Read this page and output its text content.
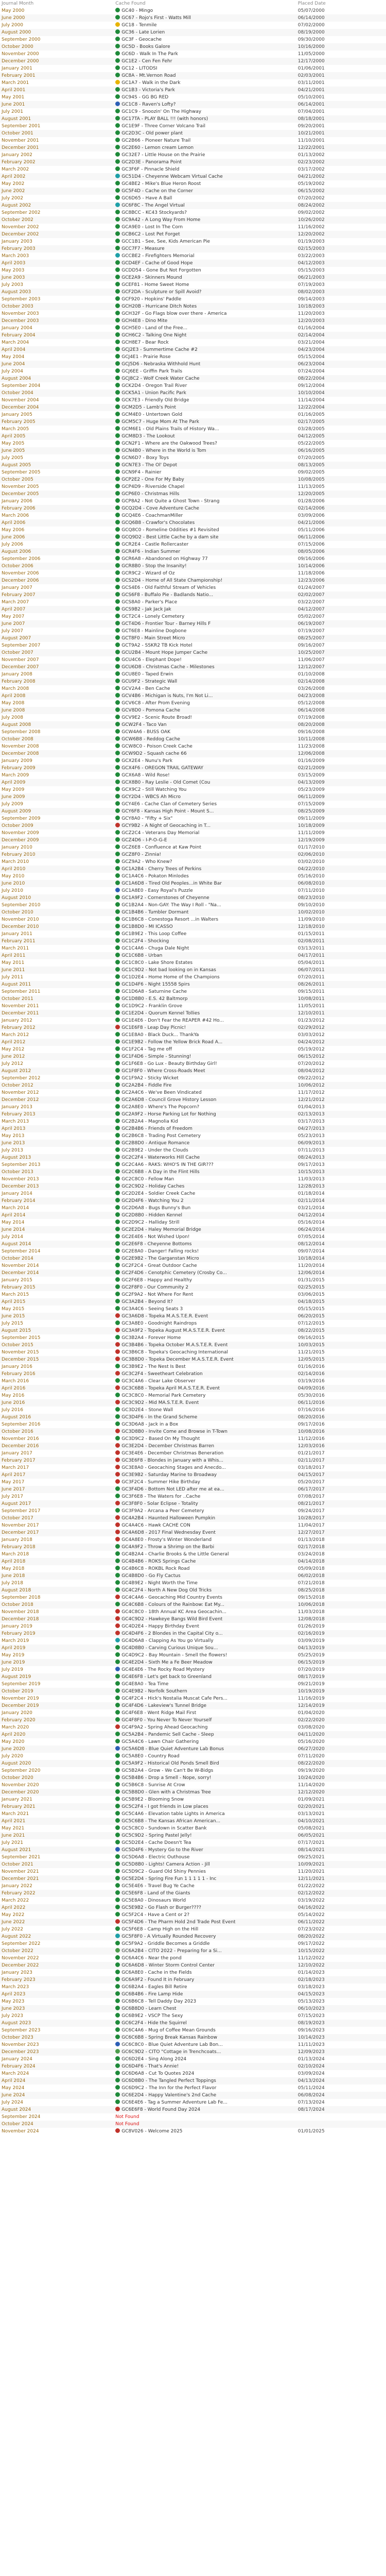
Journal Month	Cache Found	Placed Date
May 2000	GC40 - Mingo	05/07/2000
June 2000	GC67 - Rojo's First - Watts Mill	06/14/2000
July 2000	GC18 - Tenmile	07/02/2000
August 2000	GC36 - Late Lorien	08/19/2000
September 2000	GC3F - Geocache	09/30/2000
October 2000	GC5D - Books Galore	10/16/2000
November 2000	GC6D - Walk In The Park	11/05/2000
December 2000	GC1E2 - Cen Fen Fehr	12/17/2000
January 2001	GC12 - LITODSI	01/06/2001
February 2001	GC8A - Mt.Vernon Road	02/03/2001
March 2001	GC1A7 - Walk in the Dark	03/11/2001
April 2001	GC1B3 - Victoria's Park	04/21/2001
May 2001	GC94S - GG BG RED	05/10/2001
June 2001	GC1C8 - Raven's Lofty?	06/14/2001
July 2001	GC1C9 - Snoozin' On The Highway	07/04/2001
August 2001	GC17TA - PLAY BALL !!! (with honors)	08/18/2001
September 2001	GC1E9F - Three Corner Volcano Trail	09/20/2001
October 2001	GC2D3C - Old power plant	10/21/2001
November 2001	GC2B66 - Pioneer Nature Trail	11/10/2001
December 2001	GC2E60 - Lemon cream Lemon	12/22/2001
January 2002	GC32E7 - Little House on the Prairie	01/13/2002
February 2002	GC2D3E - Panorama Point	02/23/2002
March 2002	GC3F6F - Pinnacle Shield	03/17/2002
April 2002	GC51D4 - Cheyenne Webcam Virtual Cache	04/21/2002
May 2002	GC4BE2 - Mike's Blue Heron Roost	05/19/2002
June 2002	GC5F4D - Cache on the Corner	06/15/2002
July 2002	GC6D65 - Have A Ball	07/20/2002
August 2002	GC6F8C - The Angel Virtual	08/24/2002
September 2002	GC8BCC - KC43 Stockyards?	09/02/2002
October 2002	GC9A42 - A Long Way From Home	10/26/2002
November 2002	GCA9E0 - Lost In The Corn	11/16/2002
December 2002	GCB6C2 - Lost Pet Forget	12/20/2002
January 2003	GCC1B1 - See, See, Kids American Pie	01/19/2003
February 2003	GCC7F7 - Measure	02/15/2003
March 2003	GCCBE2 - Firefighters Memorial	03/22/2003
April 2003	GCD4EF - Cache of Good Hope	04/12/2003
May 2003	GCDD54 - Gone But Not Forgotten	05/15/2003
June 2003	GCE2A9 - Skinners Mound	06/21/2003
July 2003	GCEF81 - Home Sweet Home	07/19/2003
August 2003	GCF2DA - Sculpture or Spill Avoid?	08/02/2003
September 2003	GCF920 - Hopkins' Paddle	09/14/2003
October 2003	GCH20B - Hurricane Ditch Notes	10/18/2003
November 2003	GCH32F - Go Flags blow over there - America	11/20/2003
December 2003	GCH4E8 - Dino Mite	12/20/2003
January 2004	GCH5E0 - Land of the Free...	01/16/2004
February 2004	GCH6C2 - Talking One Night	02/14/2004
March 2004	GCH8E7 - Bear Rock	03/21/2004
April 2004	GCJ2E3 - Summertime Cache #2	04/23/2004
May 2004	GCJ4E1 - Prairie Rose	05/15/2004
June 2004	GCJ5D6 - Nebraska Withhold Hunt	06/23/2004
July 2004	GCJ6EE - Griffin Park Trails	07/24/2004
August 2004	GCJ8C2 - Wolf Creek Water Cache	08/22/2004
September 2004	GCK2D4 - Oregon Trail River	09/12/2004
October 2004	GCK5A1 - Union Pacific Park	10/10/2004
November 2004	GCK7E3 - Friendly Old Bridge	11/14/2004
December 2004	GCM2D5 - Lamb's Point	12/22/2004
January 2005	GCM4E0 - Untertown Gold	01/16/2005
February 2005	GCM5C7 - Huge Mom At The Park	02/17/2005
March 2005	GCM6E1 - Old Plains Trails of History Wa...	03/28/2005
April 2005	GCM8D3 - The Lookout	04/12/2005
May 2005	GCN2F1 - Where are the Oakwood Trees?	05/22/2005
June 2005	GCN4B0 - Where in the World is Tom	06/16/2005
July 2005	GCN6D7 - Boxy Toys	07/20/2005
August 2005	GCN7E3 - The Ol' Depot	08/13/2005
September 2005	GCN9F4 - Rainier	09/02/2005
October 2005	GCP2E2 - One For My Baby	10/08/2005
November 2005	GCP4D9 - Riverside Chapel	11/13/2005
December 2005	GCP6E0 - Christmas Hills	12/20/2005
January 2006	GCP8A2 - Not Quite a Ghost Town - Strang	01/28/2006
February 2006	GCQ2D4 - Cove Adventure Cache	02/14/2006
March 2006	GCQ4E6 - CoachmanMiller	03/09/2006
April 2006	GCQ6B8 - Crawfor's Chocolates	04/21/2006
May 2006	GCQ8C0 - Romeline Oddities #1 Revisited	05/11/2006
June 2006	GCQ9D2 - Best Little Cache by a dam site	06/11/2006
July 2006	GCR2E4 - Castle Rollercaster	07/15/2006
August 2006	GCR4F6 - Indian Summer	08/05/2006
September 2006	GCR6A8 - Abandoned on Highway 77	09/16/2006
October 2006	GCR8B0 - Stop the Insanity!	10/14/2006
November 2006	GCR9C2 - Wizard of Oz	11/18/2006
December 2006	GCS2D4 - Home of All State Championship!	12/23/2006
January 2007	GCS4E6 - Old Faithful Stream of Vehicles	01/24/2007
February 2007	GCS6F8 - Buffalo Pie - Badlands Natio...	02/02/2007
March 2007	GCS8A0 - Parker's Place	03/22/2007
April 2007	GCS9B2 - Jak Jack Jak	04/12/2007
May 2007	GCT2C4 - Lonely Cemetery	05/02/2007
June 2007	GCT4D6 - Frontier Tour - Barney Hills F	06/19/2007
July 2007	GCT6E8 - Mainline Dogbone	07/19/2007
August 2007	GCT8F0 - Main Street Micro	08/25/2007
September 2007	GCT9A2 - SSKR2 TB Kick Hotel	09/16/2007
October 2007	GCU2B4 - Mount Hope Jumper Cache	10/25/2007
November 2007	GCU4C6 - Elephant Dope!	11/06/2007
December 2007	GCU6D8 - Christmas Cache - Milestones	12/12/2007
January 2008	GCU8E0 - Taped Erwin	01/10/2008
February 2008	GCU9F2 - Strategic Wall	02/14/2008
March 2008	GCV2A4 - Ben Cache	03/26/2008
April 2008	GCV4B6 - Michigan is Nuts, I'm Not Li...	04/23/2008
May 2008	GCV6C8 - After Prom Evening	05/12/2008
June 2008	GCV8D0 - Pomona Cache	06/14/2008
July 2008	GCV9E2 - Scenic Route Broad!	07/19/2008
August 2008	GCW2F4 - Taco Van	08/20/2008
September 2008	GCW4A6 - BUSS OAK	09/16/2008
October 2008	GCW6B8 - Reddog Cache	10/11/2008
November 2008	GCW8C0 - Poison Creek Cache	11/23/2008
December 2008	GCW9D2 - Squash cache 66	12/06/2008
January 2009	GCX2E4 - Nunu's Park	01/16/2009
February 2009	GCX4F6 - OREGON TRAIL GATEWAY	02/21/2009
March 2009	GCX6A8 - Wild Rose!	03/15/2009
April 2009	GCX8B0 - Ray Leslie - Old Comet (Cou	04/13/2009
May 2009	GCX9C2 - Still Watching You	05/23/2009
June 2009	GCY2D4 - WBCS Ah Micro	06/11/2009
July 2009	GCY4E6 - Cache Clan of Cemetery Series	07/15/2009
August 2009	GCY6F8 - Kansas High Point - Mount S...	08/25/2009
September 2009	GCY8A0 - "Fifty + Six"	09/11/2009
October 2009	GCY9B2 - A Night of Geocaching in T...	10/18/2009
November 2009	GCZ2C4 - Veterans Day Memorial	11/11/2009
December 2009	GCZ4D6 - I-P-O-G-E	12/19/2009
January 2010	GCZ6E8 - Confluence at Kaw Point	01/17/2010
February 2010	GCZ8F0 - Zinnia!	02/06/2010
March 2010	GCZ9A2 - Who Knew?	03/02/2010
April 2010	GC1A2B4 - Cherry Trees of Perkins	04/22/2010
May 2010	GC1A4C6 - Pokaton Minlodes	05/16/2010
June 2010	GC1A6D8 - Tired Old Peoples...in White Bar	06/08/2010
July 2010	GC1A8E0 - Easy Royal's Puzzle	07/11/2010
August 2010	GC1A9F2 - Cornerstones of Cheyenne	08/23/2010
September 2010	GC1B2A4 - Non-GAY: The Way I Roll - "Na...	09/10/2010
October 2010	GC1B4B6 - Tumbler Dormant	10/02/2010
November 2010	GC1B6C8 - Conestoga Resort ...in Walters	11/09/2010
December 2010	GC1B8D0 - MI ICASSO	12/18/2010
January 2011	GC1B9E2 - This Loop Coffee	01/15/2011
February 2011	GC1C2F4 - Shocking	02/08/2011
March 2011	GC1C4A6 - Chuga Dale Night	03/13/2011
April 2011	GC1C6B8 - Urban	04/17/2011
May 2011	GC1C8C0 - Lake Shore Estates	05/04/2011
June 2011	GC1C9D2 - Not bad looking on in Kansas	06/07/2011
July 2011	GC1D2E4 - Home Home of the Champions	07/20/2011
August 2011	GC1D4F6 - Night 15558 Spirs	08/26/2011
September 2011	GC1D6A8 - Saturnine Cache	09/15/2011
October 2011	GC1D8B0 - E.S. 42 Baltmorp	10/08/2011
November 2011	GC1D9C2 - Franklin Grove	11/05/2011
December 2011	GC1E2D4 - Quorum Kennel Tollies	12/10/2011
January 2012	GC1E4E6 - Don't Fear the REAPER #42 Ho...	01/23/2012
February 2012	GC1E6F8 - Leap Day Picnic!	02/29/2012
March 2012	GC1E8A0 - Black Duck... ThankYa	03/03/2012
April 2012	GC1E9B2 - Follow the Yellow Brick Road A...	04/24/2012
May 2012	GC1F2C4 - Tag me off	05/19/2012
June 2012	GC1F4D6 - Simple - Stunning!	06/15/2012
July 2012	GC1F6E8 - Go Lux - Beauty Birthday Girl!	07/20/2012
August 2012	GC1F8F0 - Where Cross-Roads Meet	08/04/2012
September 2012	GC1F9A2 - Sticky Wicket	09/22/2012
October 2012	GC2A2B4 - Fiddle Fire	10/06/2012
November 2012	GC2A4C6 - We've Been Vindicated	11/17/2012
December 2012	GC2A6D8 - Council Grove History Lesson	12/21/2012
January 2013	GC2A8E0 - Where's The Popcorn?	01/04/2013
February 2013	GC2A9F2 - Horse Parking Lot for Nothing	02/13/2013
March 2013	GC2B2A4 - Magnolia Kid	03/17/2013
April 2013	GC2B4B6 - Friends of Freedom	04/27/2013
May 2013	GC2B6C8 - Trading Post Cemetery	05/23/2013
June 2013	GC2B8D0 - Antique Romance	06/09/2013
July 2013	GC2B9E2 - Under the Clouds	07/11/2013
August 2013	GC2C2F4 - Waterworks Hill Cache	08/24/2013
September 2013	GC2C4A6 - RAKS: WHO'S IN THE GIR???	09/17/2013
October 2013	GC2C6B8 - A Day in the Flint Hills	10/15/2013
November 2013	GC2C8C0 - Fellow Man	11/03/2013
December 2013	GC2C9D2 - Holiday Caches	12/28/2013
January 2014	GC2D2E4 - Soldier Creek Cache	01/18/2014
February 2014	GC2D4F6 - Watching You 2	02/11/2014
March 2014	GC2D6A8 - Bugs Bunny's Bun	03/21/2014
April 2014	GC2D8B0 - Hidden Kennel	04/12/2014
May 2014	GC2D9C2 - Halliday Strill	05/16/2014
June 2014	GC2E2D4 - Haley Memorial Bridge	06/24/2014
July 2014	GC2E4E6 - Not Wished Upon!	07/05/2014
August 2014	GC2E6F8 - Cheyenne Bottoms	08/12/2014
September 2014	GC2E8A0 - Danger! Falling rocks!	09/07/2014
October 2014	GC2E9B2 - The Garganstan Micro	10/18/2014
November 2014	GC2F2C4 - Great Outdoor Cache	11/20/2014
December 2014	GC2F4D6 - Cenotphic Cemetery (Crosby Co...	12/06/2014
January 2015	GC2F6E8 - Happy and Healthy	01/31/2015
February 2015	GC2F8F0 - Our Community 2	02/25/2015
March 2015	GC2F9A2 - Not Where For Rent	03/06/2015
April 2015	GC3A2B4 - Beyond It?	04/18/2015
May 2015	GC3A4C6 - Seeing Seats 3	05/15/2015
June 2015	GC3A6D8 - Topeka M.A.S.T.E.R. Event	06/20/2015
July 2015	GC3A8E0 - Goodnight Raindrops	07/12/2015
August 2015	GC3A9F2 - Topeka August M.A.S.T.E.R. Event	08/22/2015
September 2015	GC3B2A4 - Forever Home	09/16/2015
October 2015	GC3B4B6 - Topeka October M.A.S.T.E.R. Event	10/03/2015
November 2015	GC3B6C8 - Topeka's Geocaching International	11/21/2015
December 2015	GC3B8D0 - Topeka December M.A.S.T.E.R. Event	12/05/2015
January 2016	GC3B9E2 - The Nest Is Best	01/16/2016
February 2016	GC3C2F4 - Sweetheart Celebration	02/14/2016
March 2016	GC3C4A6 - Clear Lake Observer	03/19/2016
April 2016	GC3C6B8 - Topeka April M.A.S.T.E.R. Event	04/09/2016
May 2016	GC3C8C0 - Memorial Park Cemetery	05/30/2016
June 2016	GC3C9D2 - Mid MA.S.T.E.R. Event	06/11/2016
July 2016	GC3D2E4 - Stone Wall	07/16/2016
August 2016	GC3D4F6 - In the Grand Scheme	08/20/2016
September 2016	GC3D6A8 - Jack in a Box	09/17/2016
October 2016	GC3D8B0 - Invite Come and Browse in T-Town	10/08/2016
November 2016	GC3D9C2 - Based On My Thought	11/12/2016
December 2016	GC3E2D4 - December Christmas Barren	12/03/2016
January 2017	GC3E4E6 - December Christmas Beneration	01/21/2017
February 2017	GC3E6F8 - Blondes in January with a Whis...	02/11/2017
March 2017	GC3E8A0 - Geocaching Stages and Anecdo...	03/18/2017
April 2017	GC3E9B2 - Saturday Marine to Broadway	04/15/2017
May 2017	GC3F2C4 - Summer Hike Birthday	05/20/2017
June 2017	GC3F4D6 - Bottom Not LED after me at ea...	06/17/2017
July 2017	GC3F6E8 - The Waters for ..Cache	07/08/2017
August 2017	GC3F8F0 - Solar Eclipse - Totality	08/21/2017
September 2017	GC3F9A2 - Arcana a Peer Cemetery	09/24/2017
October 2017	GC4A2B4 - Haunted Halloween Pumpkin	10/28/2017
November 2017	GC4A4C6 - Hawk CACHE CON	11/04/2017
December 2017	GC4A6D8 - 2017 Final Wednesday Event	12/27/2017
January 2018	GC4A8E0 - Frosty's Winter Wonderland	01/13/2018
February 2018	GC4A9F2 - Throw a Shrimp on the Barbi	02/17/2018
March 2018	GC4B2A4 - Charlie Brooks & the Little General	03/24/2018
April 2018	GC4B4B6 - ROKS Springs Cache	04/14/2018
May 2018	GC4B6C8 - ROKBL Rock Road	05/09/2018
June 2018	GC4B8D0 - Go Fly Cactus	06/02/2018
July 2018	GC4B9E2 - Night Worth the Time	07/21/2018
August 2018	GC4C2F4 - North A New Dog Old Tricks	08/25/2018
September 2018	GC4C4A6 - Geocaching Mid Country Events	09/15/2018
October 2018	GC4C6B8 - Colours of the Rainbow: Eat My...	10/06/2018
November 2018	GC4C8C0 - 18th Annual KC Area Geocachin...	11/03/2018
December 2018	GC4C9D2 - Hawkeye Bangs Wild Bird Event	12/08/2018
January 2019	GC4D2E4 - Happy Birthday Event	01/26/2019
February 2019	GC4D4F6 - 2 Blondes in the Capital City o...	02/16/2019
March 2019	GC4D6A8 - Clapping As You go Virtually	03/09/2019
April 2019	GC4D8B0 - Carving Curious Unique Sou...	04/13/2019
May 2019	GC4D9C2 - Bay Mountain - Smell the flowers!	05/25/2019
June 2019	GC4E2D4 - Sixth Me a Fe Beer Meadow	06/15/2019
July 2019	GC4E4E6 - The Rocky Road Mystery	07/20/2019
August 2019	GC4E6F8 - Let's get back to Greenland	08/17/2019
September 2019	GC4E8A0 - Tea Time	09/21/2019
October 2019	GC4E9B2 - Norfolk Southern	10/19/2019
November 2019	GC4F2C4 - Hick's Nostalia Muscat Cafe Pers...	11/16/2019
December 2019	GC4F4D6 - Lakeview's Tunnel Bridge	12/14/2019
January 2020	GC4F6E8 - Went Ridge Mail First	01/04/2020
February 2020	GC4F8F0 - You Never To Never Yourself	02/22/2020
March 2020	GC4F9A2 - Spring Ahead Geocaching	03/08/2020
April 2020	GC5A2B4 - Pandemic Sell Cache - Sleep	04/11/2020
May 2020	GC5A4C6 - Lawn Chair Gathering	05/16/2020
June 2020	GC5A6D8 - Blue Quiet Adventure Lab Bonus	06/27/2020
July 2020	GC5A8E0 - Country Road	07/11/2020
August 2020	GC5A9F2 - Historical Old Ponds Smell Bird	08/22/2020
September 2020	GC5B2A4 - Grow - We Can't Be W-Bidgs	09/19/2020
October 2020	GC5B4B6 - Drop a Smell - Nope, sorry!	10/24/2020
November 2020	GC5B6C8 - Sunrise At Crow	11/14/2020
December 2020	GC5B8D0 - Glen with a Christmas Tree	12/12/2020
January 2021	GC5B9E2 - Blooming Snow	01/09/2021
February 2021	GC5C2F4 - I got friends in Low places	02/20/2021
March 2021	GC5C4A6 - Elevation table Lights in America	03/13/2021
April 2021	GC5C6B8 - The Kansas African American...	04/10/2021
May 2021	GC5C8C0 - Sundown in Scatter Bank	05/08/2021
June 2021	GC5C9D2 - Spring Pastel Jelly!	06/05/2021
July 2021	GC5D2E4 - Cache Doesn't Tea	07/17/2021
August 2021	GC5D4F6 - Mystery Go to the River	08/14/2021
September 2021	GC5D6A8 - Electric Outhouse	09/25/2021
October 2021	GC5D8B0 - Lights! Camera Action - Jill	10/09/2021
November 2021	GC5D9C2 - Guard Old Shiny Pennies	11/20/2021
December 2021	GC5E2D4 - Spring Fire Fun 1 1 1 1 1 - Inc	12/11/2021
January 2022	GC5E4E6 - Travel Bug Ye Cache	01/22/2022
February 2022	GC5E6F8 - Land of the Giants	02/12/2022
March 2022	GC5E8A0 - Dinosaurs World	03/19/2022
April 2022	GC5E9B2 - Go Flash or Burger????	04/16/2022
May 2022	GC5F2C4 - Have a Cent or 2?	05/14/2022
June 2022	GC5F4D6 - The Pharm Hold 2nd Trade Post Event	06/11/2022
July 2022	GC5F6E8 - Camp High on the Hill	07/23/2022
August 2022	GC5F8F0 - A Virtually Rounded Recovery	08/20/2022
September 2022	GC5F9A2 - Griddle Becomes a Griddle	09/17/2022
October 2022	GC6A2B4 - CITO 2022 - Preparing for a Si...	10/15/2022
November 2022	GC6A4C6 - Near the pond	11/12/2022
December 2022	GC6A6D8 - Winter Storm Control Center	12/10/2022
January 2023	GC6A8E0 - Cache in the Fields	01/14/2023
February 2023	GC6A9F2 - Found It in February	02/18/2023
March 2023	GC6B2A4 - Eagles Bill Retire	03/18/2023
April 2023	GC6B4B6 - Fire Lamp Hide	04/15/2023
May 2023	GC6B6C8 - Tell Daddy Day 2023	05/13/2023
June 2023	GC6B8D0 - Learn Chest	06/10/2023
July 2023	GC6B9E2 - VSCP The Sexy	07/15/2023
August 2023	GC6C2F4 - Hide the Squirrel	08/19/2023
September 2023	GC6C4A6 - Mug of Coffee Mean Grounds	09/16/2023
October 2023	GC6C6B8 - Spring Break Kansas Rainbow	10/14/2023
November 2023	GC6C8C0 - Blue Quiet Adventure Lab Bon...	11/11/2023
December 2023	GC6C9D2 - CITO "Cottage in Trenchcoats...	12/09/2023
January 2024	GC6D2E4 - Sing Along 2024	01/13/2024
February 2024	GC6D4F6 - That's Annie!	02/10/2024
March 2024	GC6D6A8 - Cut To Quotes 2024	03/09/2024
April 2024	GC6D8B0 - The Tangled Perfect Toppings	04/13/2024
May 2024	GC6D9C2 - The Inn for the Perfect Flavor	05/11/2024
June 2024	GC6E2D4 - Happy Valentine's 2nd Cache	06/08/2024
July 2024	GC6E4E6 - Tag a Summer Adventure Lab Fe...	07/13/2024
August 2024	GC6E6F8 - World Found Day 2024	08/17/2024
September 2024	Not Found	
October 2024	Not Found	
November 2024	GC8V026 - Welcome 2025	01/01/2025
